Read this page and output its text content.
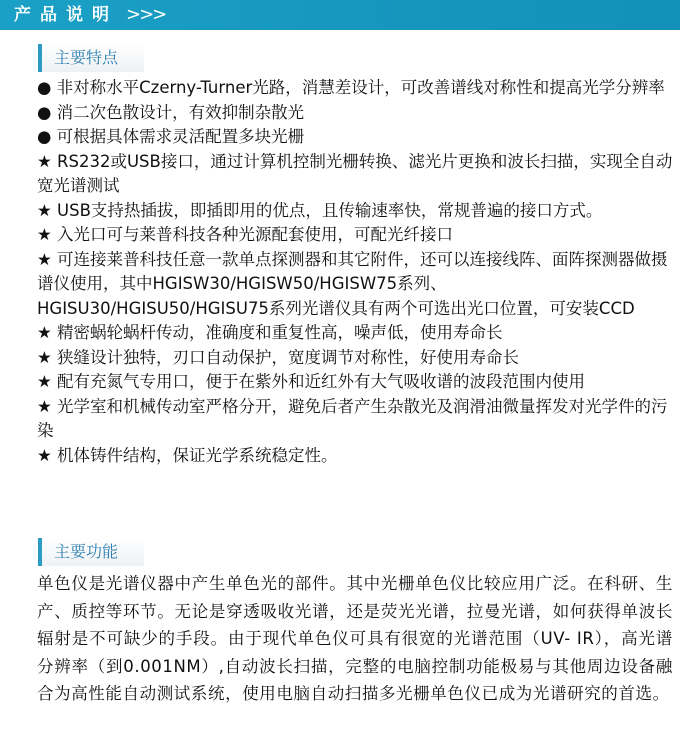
产品说明 >>>
主要特点

● 非对称水平Czerny-Turner光路，消慧差设计，可改善谱线对称性和提高光学分辨率

● 消二次色散设计，有效抑制杂散光

● 可根据具体需求灵活配置多块光栅

★ RS232或USB接口，通过计算机控制光栅转换、滤光片更换和波长扫描，实现全自动宽光谱测试

★ USB支持热插拔，即插即用的优点，且传输速率快，常规普遍的接口方式。

★ 入光口可与莱普科技各种光源配套使用，可配光纤接口

★ 可连接莱普科技任意一款单点探测器和其它附件，还可以连接线阵、面阵探测器做摄谱仪使用，其中HGISW30/HGISW50/HGISW75系列、HGISU30/HGISU50/HGISU75系列光谱仪具有两个可选出光口位置，可安装CCD

★ 精密蜗轮蜗杆传动，准确度和重复性高，噪声低，使用寿命长

★ 狭缝设计独特，刃口自动保护，宽度调节对称性，好使用寿命长

★ 配有充氮气专用口，便于在紫外和近红外有大气吸收谱的波段范围内使用

★ 光学室和机械传动室严格分开，避免后者产生杂散光及润滑油微量挥发对光学件的污染

★ 机体铸件结构，保证光学系统稳定性。

主要功能
单色仪是光谱仪器中产生单色光的部件。其中光栅单色仪比较应用广泛。在科研、生产、质控等环节。无论是穿透吸收光谱，还是荧光光谱，拉曼光谱，如何获得单波长辐射是不可缺少的手段。由于现代单色仪可具有很宽的光谱范围（UV- IR），高光谱分辨率（到0.001NM）,自动波长扫描，完整的电脑控制功能极易与其他周边设备融合为高性能自动测试系统，使用电脑自动扫描多光栅单色仪已成为光谱研究的首选。
